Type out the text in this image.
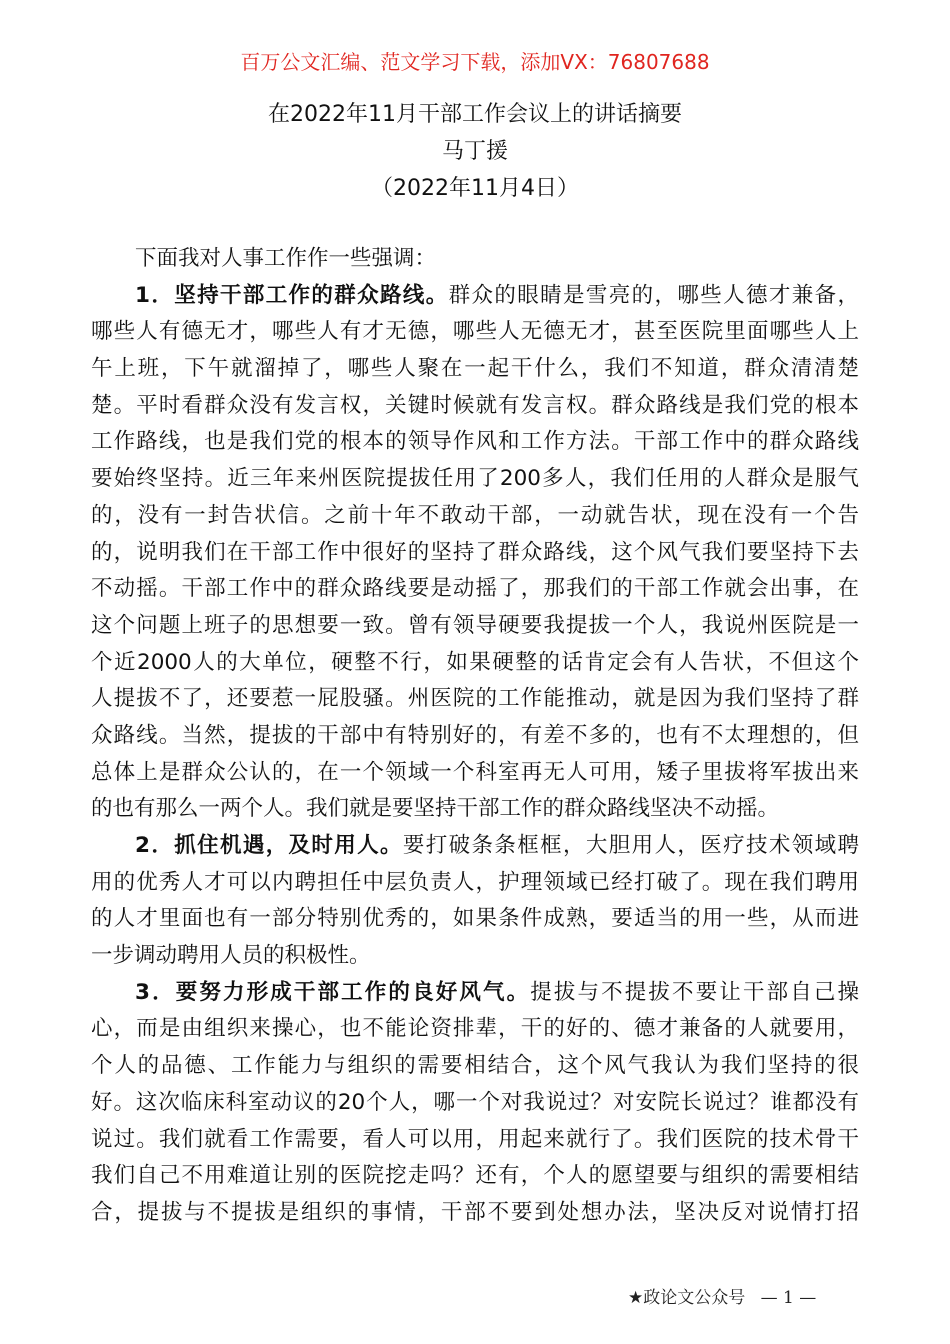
百万公文汇编、范文学习下载，添加VX：76807688
在2022年11月干部工作会议上的讲话摘要
马丁援
（2022年11月4日）
下面我对人事工作作一些强调：
1．坚持干部工作的群众路线。群众的眼睛是雪亮的，哪些人德才兼备，
哪些人有德无才，哪些人有才无德，哪些人无德无才，甚至医院里面哪些人上
午上班，下午就溜掉了，哪些人聚在一起干什么，我们不知道，群众清清楚
楚。平时看群众没有发言权，关键时候就有发言权。群众路线是我们党的根本
工作路线，也是我们党的根本的领导作风和工作方法。干部工作中的群众路线
要始终坚持。近三年来州医院提拔任用了200多人，我们任用的人群众是服气
的，没有一封告状信。之前十年不敢动干部，一动就告状，现在没有一个告
的，说明我们在干部工作中很好的坚持了群众路线，这个风气我们要坚持下去
不动摇。干部工作中的群众路线要是动摇了，那我们的干部工作就会出事，在
这个问题上班子的思想要一致。曾有领导硬要我提拔一个人，我说州医院是一
个近2000人的大单位，硬整不行，如果硬整的话肯定会有人告状，不但这个
人提拔不了，还要惹一屁股骚。州医院的工作能推动，就是因为我们坚持了群
众路线。当然，提拔的干部中有特别好的，有差不多的，也有不太理想的，但
总体上是群众公认的，在一个领域一个科室再无人可用，矮子里拔将军拔出来
的也有那么一两个人。我们就是要坚持干部工作的群众路线坚决不动摇。
2．抓住机遇，及时用人。要打破条条框框，大胆用人，医疗技术领域聘
用的优秀人才可以内聘担任中层负责人，护理领域已经打破了。现在我们聘用
的人才里面也有一部分特别优秀的，如果条件成熟，要适当的用一些，从而进
一步调动聘用人员的积极性。
3．要努力形成干部工作的良好风气。提拔与不提拔不要让干部自己操
心，而是由组织来操心，也不能论资排辈，干的好的、德才兼备的人就要用，
个人的品德、工作能力与组织的需要相结合，这个风气我认为我们坚持的很
好。这次临床科室动议的20个人，哪一个对我说过？对安院长说过？谁都没有
说过。我们就看工作需要，看人可以用，用起来就行了。我们医院的技术骨干
我们自己不用难道让别的医院挖走吗？还有，个人的愿望要与组织的需要相结
合，提拔与不提拔是组织的事情，干部不要到处想办法，坚决反对说情打招
★政论文公众号 — 1 —
